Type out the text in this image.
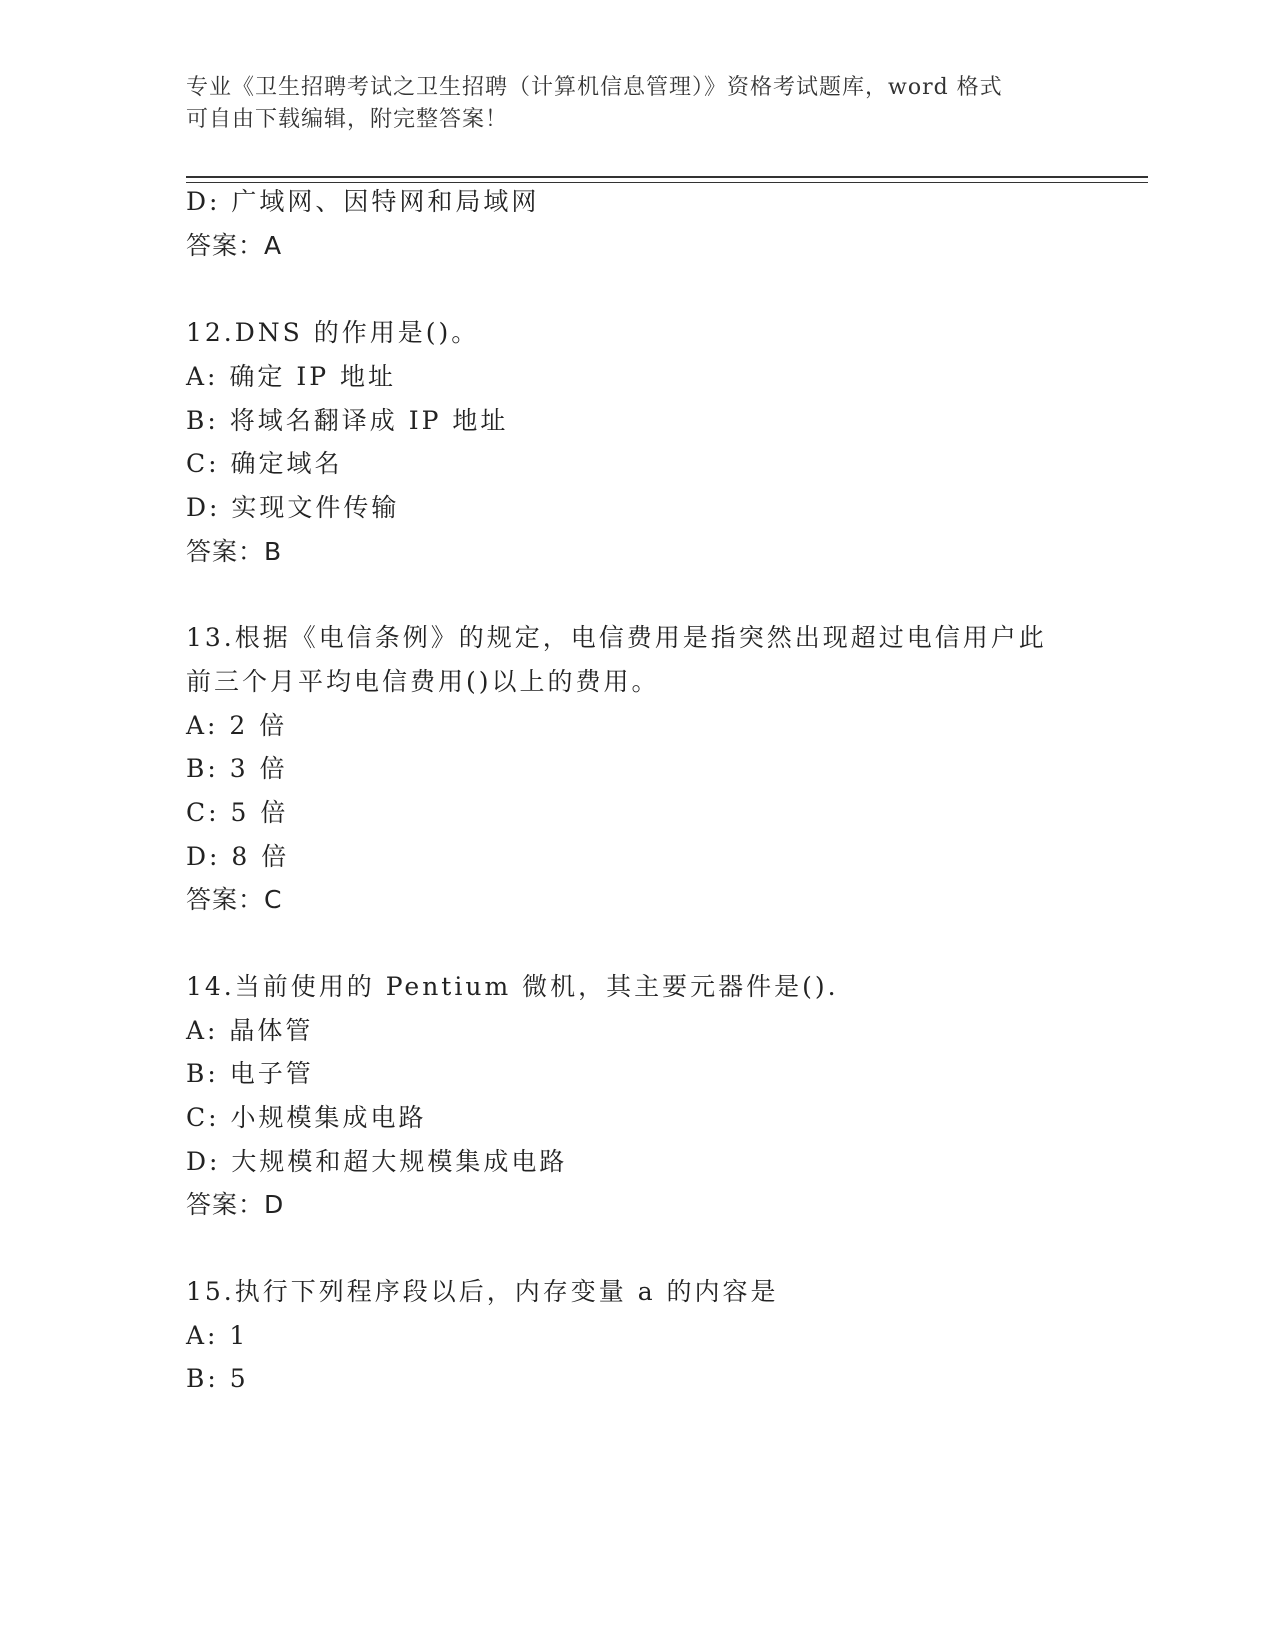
专业《卫生招聘考试之卫生招聘（计算机信息管理）》资格考试题库，word 格式
可自由下载编辑，附完整答案！
D: 广域网、因特网和局域网
答案：A
12.DNS 的作用是()。
A: 确定 IP 地址
B: 将域名翻译成 IP 地址
C: 确定域名
D: 实现文件传输
答案：B
13.根据《电信条例》的规定，电信费用是指突然出现超过电信用户此
前三个月平均电信费用()以上的费用。
A: 2 倍
B: 3 倍
C: 5 倍
D: 8 倍
答案：C
14.当前使用的 Pentium 微机，其主要元器件是().
A: 晶体管
B: 电子管
C: 小规模集成电路
D: 大规模和超大规模集成电路
答案：D
15.执行下列程序段以后，内存变量 a 的内容是
A: 1
B: 5
